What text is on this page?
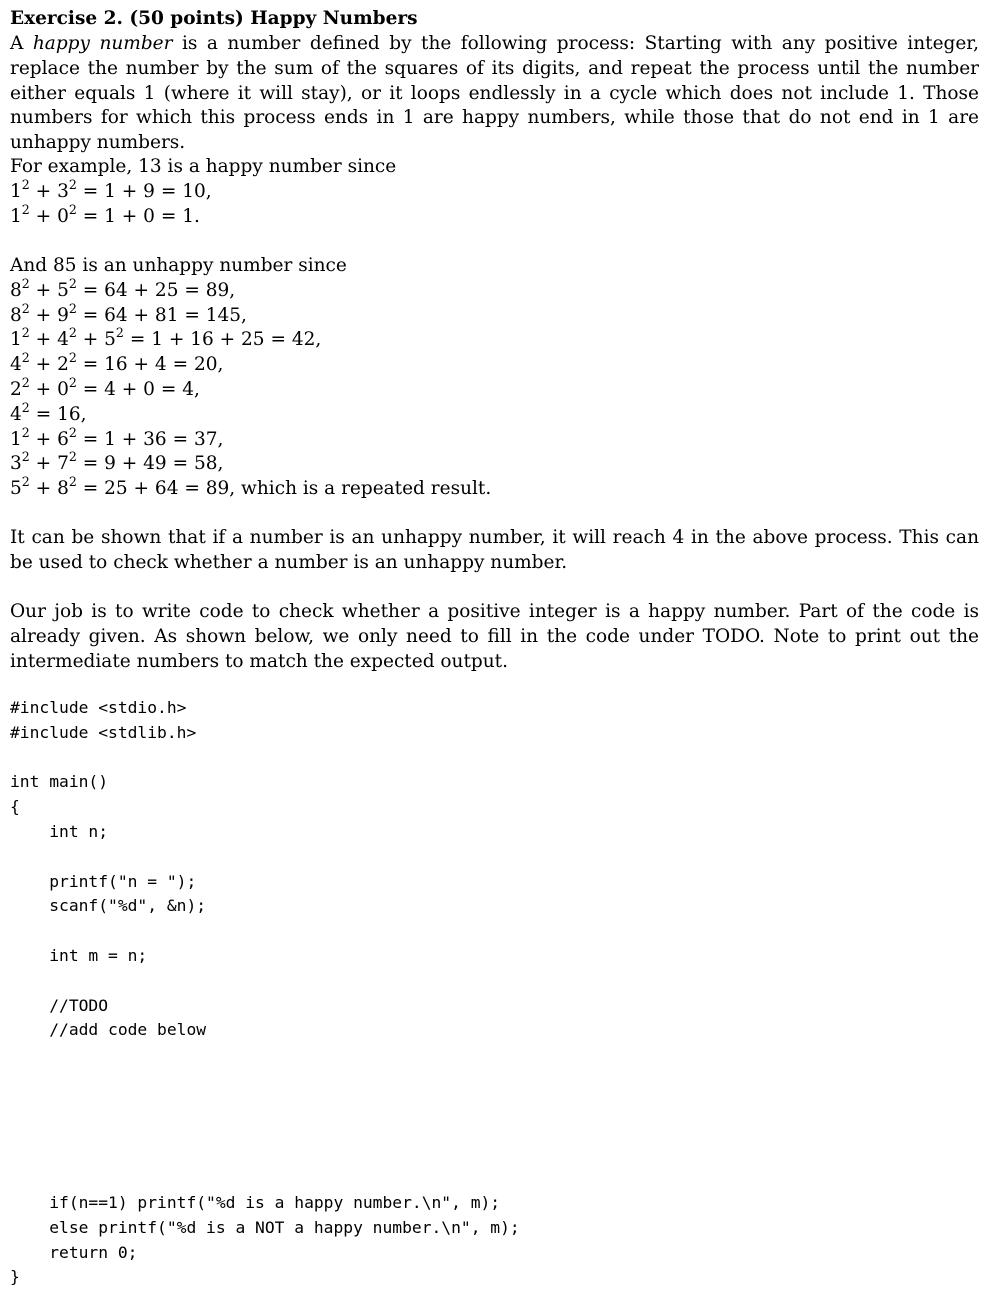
Exercise 2. (50 points) Happy Numbers

A happy number is a number defined by the following process: Starting with any positive integer, replace the number by the sum of the squares of its digits, and repeat the process until the number either equals 1 (where it will stay), or it loops endlessly in a cycle which does not include 1. Those numbers for which this process ends in 1 are happy numbers, while those that do not end in 1 are unhappy numbers.

For example, 13 is a happy number since

$1^2 + 3^2 = 1 + 9 = 10$,
$1^2 + 0^2 = 1 + 0 = 1$.

And 85 is an unhappy number since

$8^2 + 5^2 = 64 + 25 = 89$,
$8^2 + 9^2 = 64 + 81 = 145$,
$1^2 + 4^2 + 5^2 = 1 + 16 + 25 = 42$,
$4^2 + 2^2 = 16 + 4 = 20$,
$2^2 + 0^2 = 4 + 0 = 4$,
$4^2 = 16$,
$1^2 + 6^2 = 1 + 36 = 37$,
$3^2 + 7^2 = 9 + 49 = 58$,
$5^2 + 8^2 = 25 + 64 = 89$, which is a repeated result.

It can be shown that if a number is an unhappy number, it will reach 4 in the above process. This can be used to check whether a number is an unhappy number.

Our job is to write code to check whether a positive integer is a happy number. Part of the code is already given. As shown below, we only need to fill in the code under TODO. Note to print out the intermediate numbers to match the expected output.

#include <stdio.h>
#include <stdlib.h>
int main()
{
int n;
printf("n = ");
scanf("%d", &n);
int m = n;
//TODO
//add code below
if(n==1) printf("%d is a happy number.\n", m);
else printf("%d is a NOT a happy number.\n", m);
return 0;
}
